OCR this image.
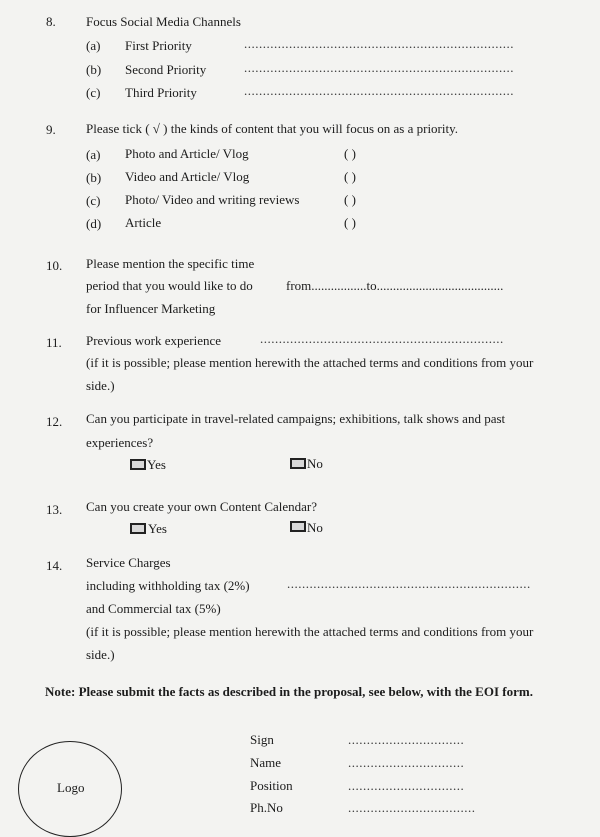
8. Focus Social Media Channels
(a) First Priority	........................................................................
(b) Second Priority	........................................................................
(c) Third Priority	........................................................................
9. Please tick ( √ ) the kinds of content that you will focus on as a priority.
(a) Photo and Article/ Vlog	( )
(b) Video and Article/ Vlog	( )
(c) Photo/ Video and writing reviews	( )
(d) Article	( )
10. Please mention the specific time
period that you would like to do
for Influencer Marketing
from.................to.......................................
11. Previous work experience	.................................................................
(if it is possible; please mention herewith the attached terms and conditions from your
side.)
12. Can you participate in travel-related campaigns; exhibitions, talk shows and past
experiences?
Yes	No
13. Can you create your own Content Calendar?
Yes	No
14. Service Charges
including withholding tax (2%)	.................................................................
and Commercial tax (5%)
(if it is possible; please mention herewith the attached terms and conditions from your
side.)
Note: Please submit the facts as described in the proposal, see below, with the EOI form.
Logo
Sign	...............................
Name	...............................
Position	...............................
Ph.No	..................................
